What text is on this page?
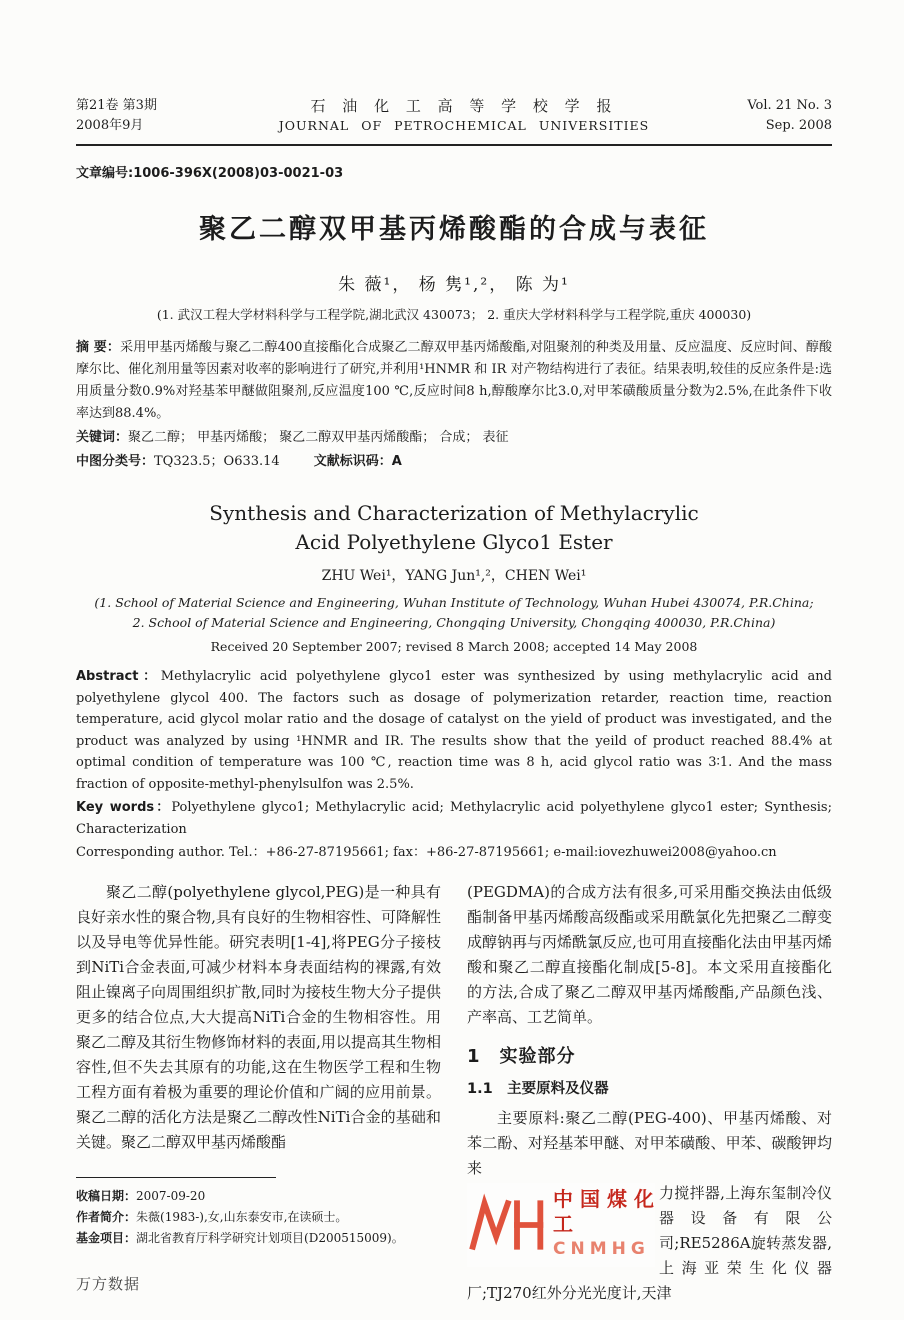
第21卷 第3期
2008年9月
石 油 化 工 高 等 学 校 学 报
JOURNAL OF PETROCHEMICAL UNIVERSITIES
Vol. 21 No. 3
Sep. 2008
文章编号:1006-396X(2008)03-0021-03
聚乙二醇双甲基丙烯酸酯的合成与表征
朱 薇¹， 杨 隽¹,²， 陈 为¹
(1. 武汉工程大学材料科学与工程学院,湖北武汉 430073； 2. 重庆大学材料科学与工程学院,重庆 400030)

摘 要：采用甲基丙烯酸与聚乙二醇400直接酯化合成聚乙二醇双甲基丙烯酸酯,对阻聚剂的种类及用量、反应温度、反应时间、醇酸摩尔比、催化剂用量等因素对收率的影响进行了研究,并利用¹HNMR 和 IR 对产物结构进行了表征。结果表明,较佳的反应条件是:选用质量分数0.9%对羟基苯甲醚做阻聚剂,反应温度100 ℃,反应时间8 h,醇酸摩尔比3.0,对甲苯磺酸质量分数为2.5%,在此条件下收率达到88.4%。

关键词：聚乙二醇； 甲基丙烯酸； 聚乙二醇双甲基丙烯酸酯； 合成； 表征

中图分类号：TQ323.5；O633.14	文献标识码：A

Synthesis and Characterization of Methylacrylic
Acid Polyethylene Glyco1 Ester
ZHU Wei¹，YANG Jun¹,²，CHEN Wei¹
(1. School of Material Science and Engineering, Wuhan Institute of Technology, Wuhan Hubei 430074, P.R.China;
2. School of Material Science and Engineering, Chongqing University, Chongqing 400030, P.R.China)
Received 20 September 2007; revised 8 March 2008; accepted 14 May 2008

Abstract：Methylacrylic acid polyethylene glyco1 ester was synthesized by using methylacrylic acid and polyethylene glycol 400. The factors such as dosage of polymerization retarder, reaction time, reaction temperature, acid glycol molar ratio and the dosage of catalyst on the yield of product was investigated, and the product was analyzed by using ¹HNMR and IR. The results show that the yeild of product reached 88.4% at optimal condition of temperature was 100 ℃, reaction time was 8 h, acid glycol ratio was 3∶1. And the mass fraction of opposite-methyl-phenylsulfon was 2.5%.

Key words：Polyethylene glyco1; Methylacrylic acid; Methylacrylic acid polyethylene glyco1 ester; Synthesis; Characterization

Corresponding author. Tel.：+86-27-87195661; fax：+86-27-87195661; e-mail:iovezhuwei2008@yahoo.cn

聚乙二醇(polyethylene glycol,PEG)是一种具有良好亲水性的聚合物,具有良好的生物相容性、可降解性以及导电等优异性能。研究表明[1-4],将PEG分子接枝到NiTi合金表面,可减少材料本身表面结构的裸露,有效阻止镍离子向周围组织扩散,同时为接枝生物大分子提供更多的结合位点,大大提高NiTi合金的生物相容性。用聚乙二醇及其衍生物修饰材料的表面,用以提高其生物相容性,但不失去其原有的功能,这在生物医学工程和生物工程方面有着极为重要的理论价值和广阔的应用前景。聚乙二醇的活化方法是聚乙二醇改性NiTi合金的基础和关键。聚乙二醇双甲基丙烯酸酯

收稿日期：2007-09-20

作者简介：朱薇(1983-),女,山东泰安市,在读硕士。

基金项目：湖北省教育厅科学研究计划项目(D200515009)。

(PEGDMA)的合成方法有很多,可采用酯交换法由低级酯制备甲基丙烯酸高级酯或采用酰氯化先把聚乙二醇变成醇钠再与丙烯酰氯反应,也可用直接酯化法由甲基丙烯酸和聚乙二醇直接酯化制成[5-8]。本文采用直接酯化的方法,合成了聚乙二醇双甲基丙烯酸酯,产品颜色浅、产率高、工艺简单。

1　实验部分
1.1　主要原料及仪器

主要原料:聚乙二醇(PEG-400)、甲基丙烯酸、对苯二酚、对羟基苯甲醚、对甲苯磺酸、甲苯、碳酸钾均来

中国煤化工
CNMHG
力搅拌器,上海东玺制冷仪器设备有限公司;RE5286A旋转蒸发器,上海亚荣生化仪器厂;TJ270红外分光光度计,天津

万方数据
